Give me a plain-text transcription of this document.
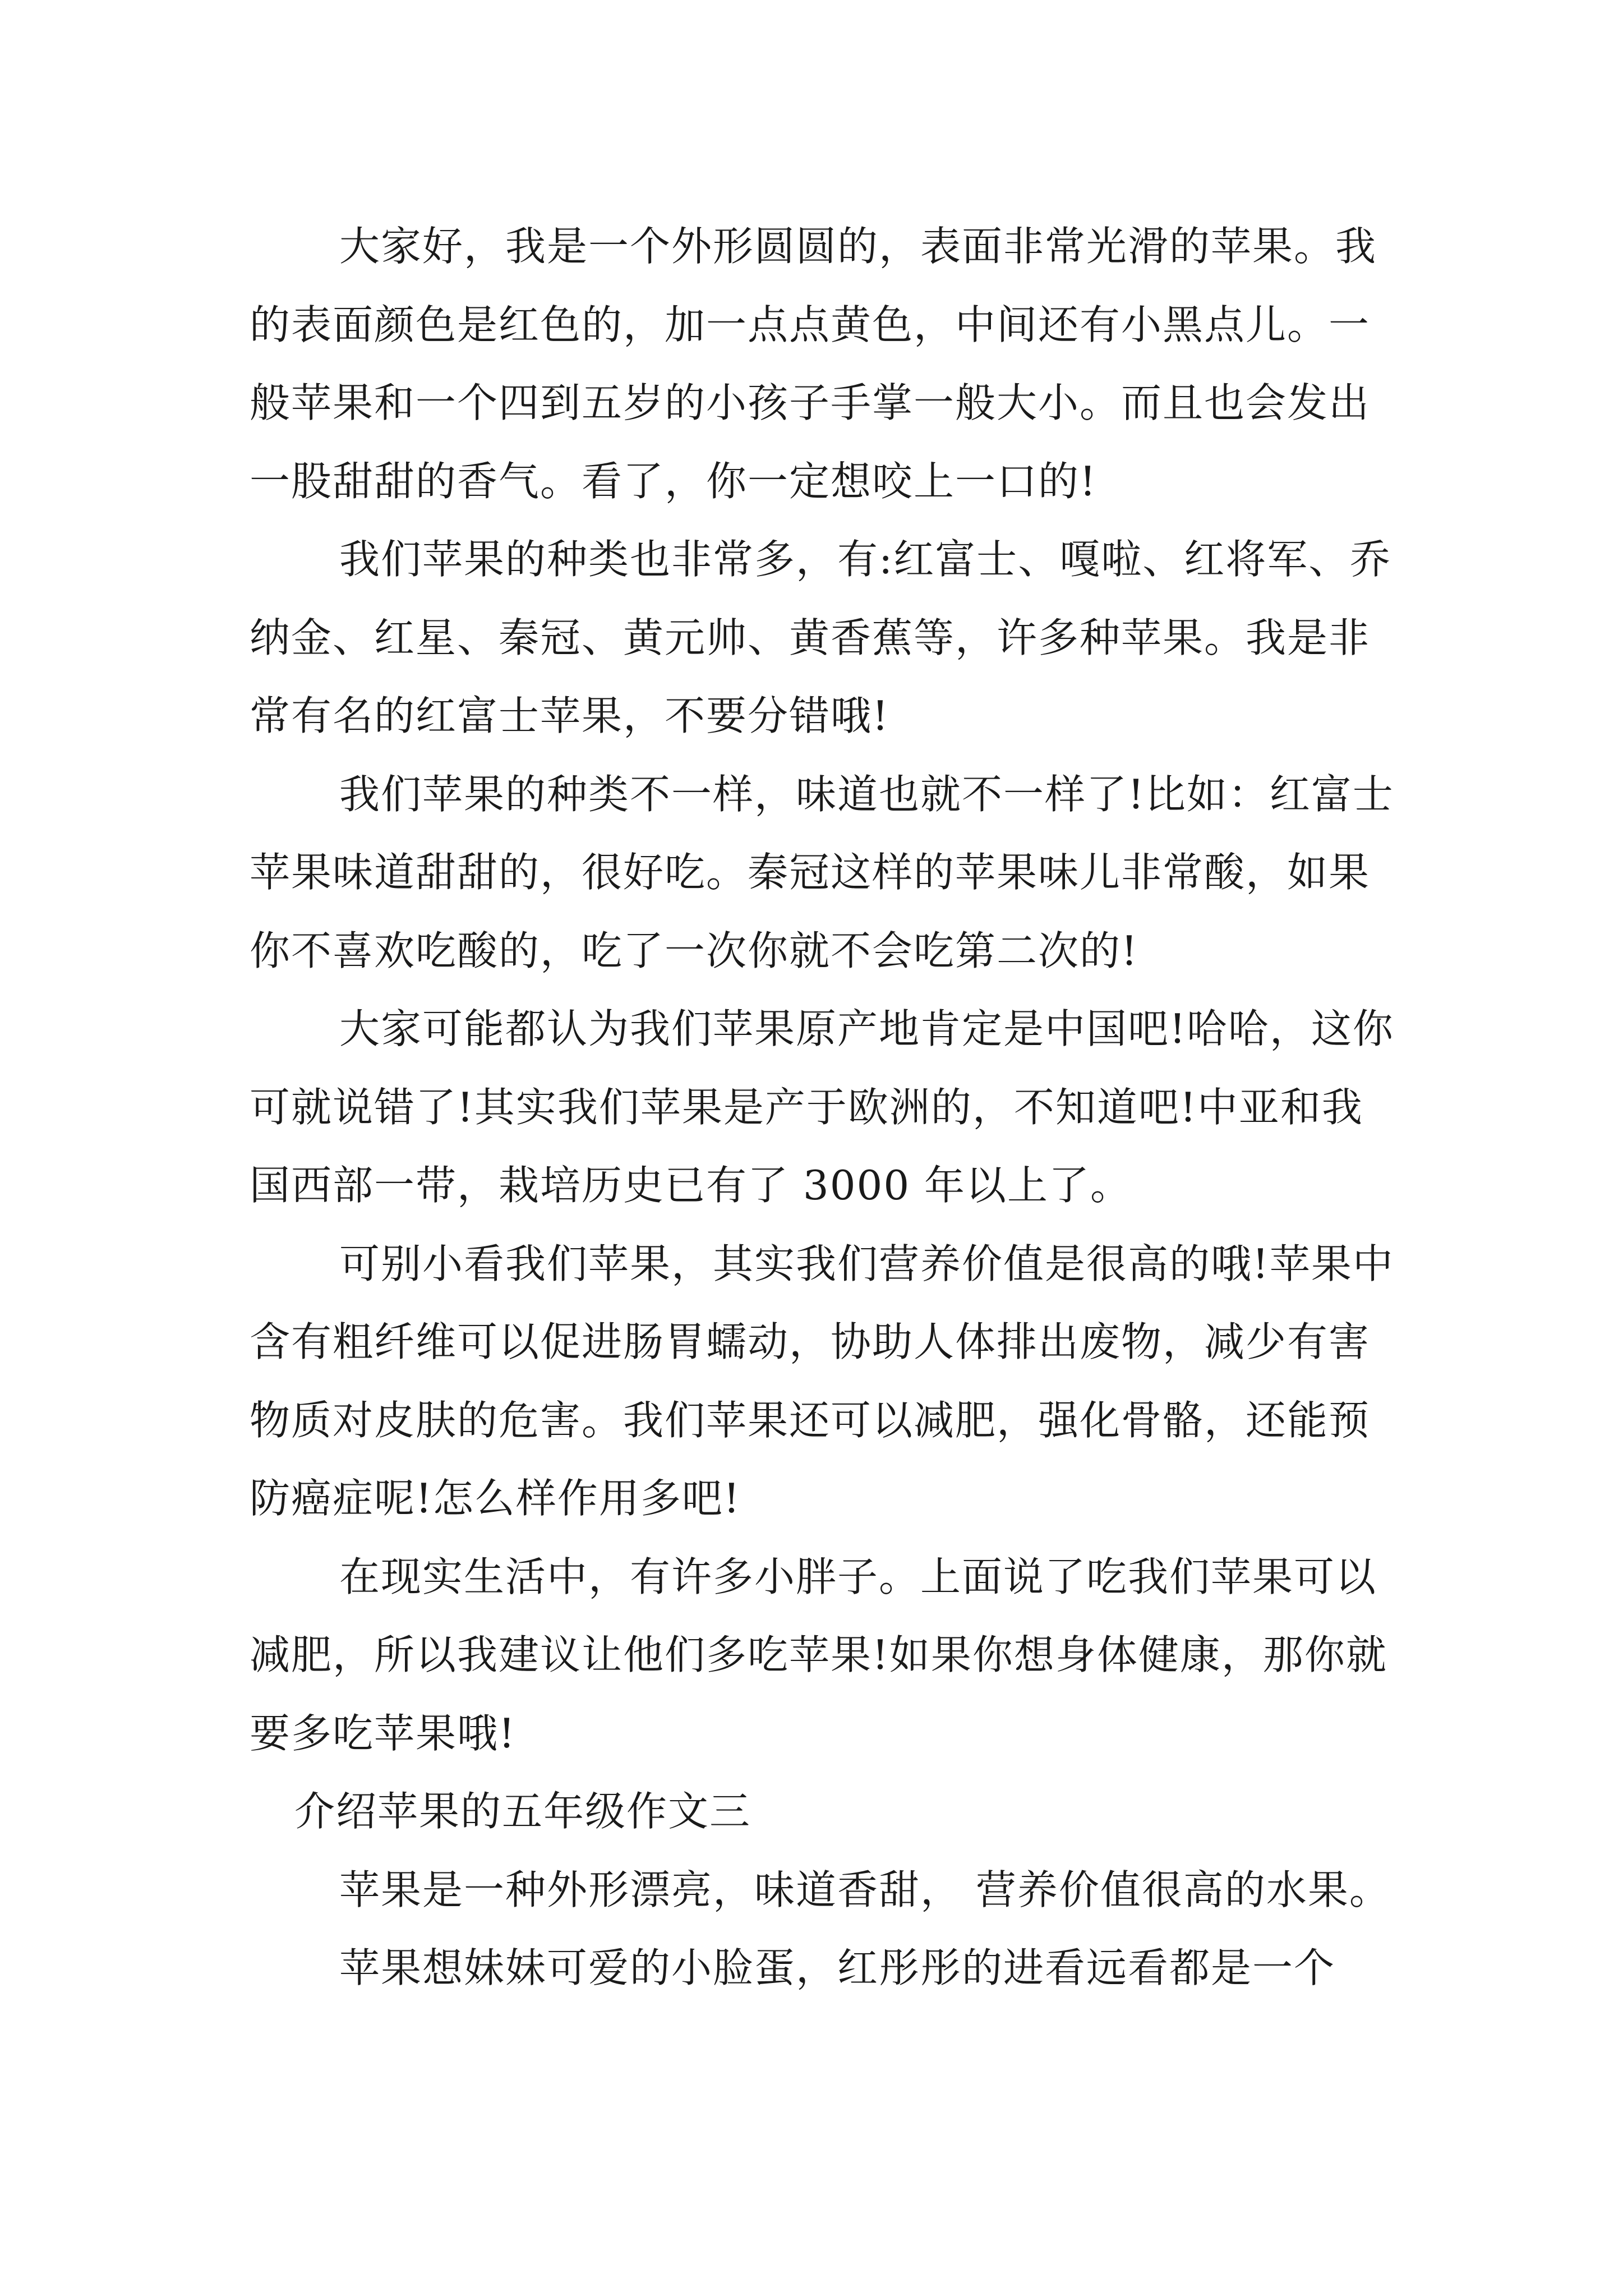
大家好，我是一个外形圆圆的，表面非常光滑的苹果。我的表面颜色是红色的，加一点点黄色，中间还有小黑点儿。一般苹果和一个四到五岁的小孩子手掌一般大小。而且也会发出一股甜甜的香气。看了，你一定想咬上一口的!

我们苹果的种类也非常多，有:红富士、嘎啦、红将军、乔纳金、红星、秦冠、黄元帅、黄香蕉等，许多种苹果。我是非常有名的红富士苹果，不要分错哦!

我们苹果的种类不一样，味道也就不一样了!比如：红富士苹果味道甜甜的，很好吃。秦冠这样的苹果味儿非常酸，如果你不喜欢吃酸的，吃了一次你就不会吃第二次的!

大家可能都认为我们苹果原产地肯定是中国吧!哈哈，这你可就说错了!其实我们苹果是产于欧洲的，不知道吧!中亚和我国西部一带，栽培历史已有了 3000 年以上了。

可别小看我们苹果，其实我们营养价值是很高的哦!苹果中含有粗纤维可以促进肠胃蠕动，协助人体排出废物，减少有害物质对皮肤的危害。我们苹果还可以减肥，强化骨骼，还能预防癌症呢!怎么样作用多吧!

在现实生活中，有许多小胖子。上面说了吃我们苹果可以减肥，所以我建议让他们多吃苹果!如果你想身体健康，那你就要多吃苹果哦!

介绍苹果的五年级作文三

苹果是一种外形漂亮，味道香甜， 营养价值很高的水果。

苹果想妹妹可爱的小脸蛋，红彤彤的进看远看都是一个
